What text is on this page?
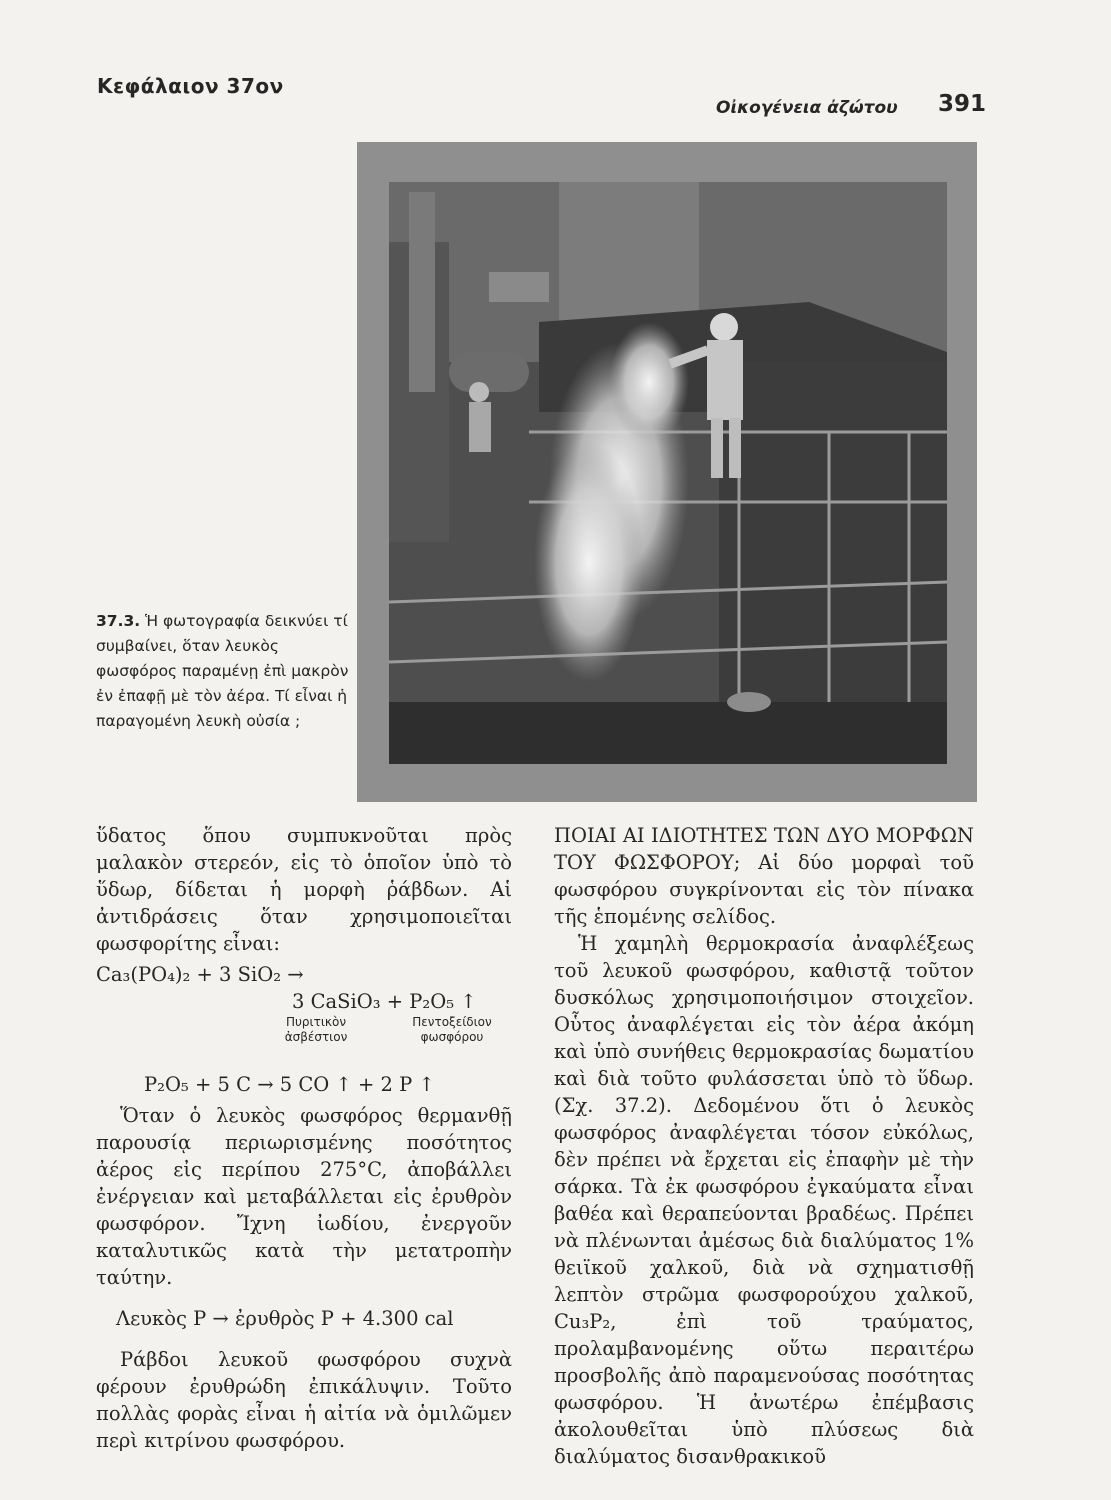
Κεφάλαιον 37ον
Οἰκογένεια ἀζώτου 391
37.3. Ἡ φωτογραφία δεικνύει τί συμβαίνει, ὅταν λευκὸς φωσφόρος παραμένῃ ἐπὶ μακρὸν ἐν ἐπαφῇ μὲ τὸν ἀέρα. Τί εἶναι ἡ παραγομένη λευκὴ οὐσία ;

ὕδατος ὅπου συμπυκνοῦται πρὸς μαλακὸν στερεόν, εἰς τὸ ὁποῖον ὑπὸ τὸ ὕδωρ, δίδεται ἡ μορφὴ ῥάβδων. Αἱ ἀντιδράσεις ὅταν χρησιμοποιεῖται φωσφορίτης εἶναι:

Ca₃(PO₄)₂ + 3 SiO₂ →

3 CaSiO₃ + P₂O₅ ↑

Πυριτικὸν ἀσβέστιον
Πεντοξείδιον φωσφόρου

P₂O₅ + 5 C → 5 CO ↑ + 2 P ↑

Ὅταν ὁ λευκὸς φωσφόρος θερμανθῇ παρουσίᾳ περιωρισμένης ποσότητος ἀέρος εἰς περίπου 275°C, ἀποβάλλει ἐνέργειαν καὶ μεταβάλλεται εἰς ἐρυθρὸν φωσφόρον. Ἴχνη ἰωδίου, ἐνεργοῦν καταλυτικῶς κατὰ τὴν μετατροπὴν ταύτην.

Λευκὸς P → ἐρυθρὸς P + 4.300 cal

Ράβδοι λευκοῦ φωσφόρου συχνὰ φέρουν ἐρυθρώδη ἐπικάλυψιν. Τοῦτο πολλὰς φορὰς εἶναι ἡ αἰτία νὰ ὁμιλῶμεν περὶ κιτρίνου φωσφόρου.

ΠΟΙΑΙ ΑΙ ΙΔΙΟΤΗΤΕΣ ΤΩΝ ΔΥΟ ΜΟΡΦΩΝ ΤΟΥ ΦΩΣΦΟΡΟΥ; Αἱ δύο μορφαὶ τοῦ φωσφόρου συγκρίνονται εἰς τὸν πίνακα τῆς ἑπομένης σελίδος.

Ἡ χαμηλὴ θερμοκρασία ἀναφλέξεως τοῦ λευκοῦ φωσφόρου, καθιστᾷ τοῦτον δυσκόλως χρησιμοποιήσιμον στοιχεῖον. Οὗτος ἀναφλέγεται εἰς τὸν ἀέρα ἀκόμη καὶ ὑπὸ συνήθεις θερμοκρασίας δωματίου καὶ διὰ τοῦτο φυλάσσεται ὑπὸ τὸ ὕδωρ. (Σχ. 37.2). Δεδομένου ὅτι ὁ λευκὸς φωσφόρος ἀναφλέγεται τόσον εὐκόλως, δὲν πρέπει νὰ ἔρχεται εἰς ἐπαφὴν μὲ τὴν σάρκα. Τὰ ἐκ φωσφόρου ἐγκαύματα εἶναι βαθέα καὶ θεραπεύονται βραδέως. Πρέπει νὰ πλένωνται ἀμέσως διὰ διαλύματος 1% θειϊκοῦ χαλκοῦ, διὰ νὰ σχηματισθῇ λεπτὸν στρῶμα φωσφορούχου χαλκοῦ, Cu₃P₂, ἐπὶ τοῦ τραύματος, προλαμβανομένης οὕτω περαιτέρω προσβολῆς ἀπὸ παραμενούσας ποσότητας φωσφόρου. Ἡ ἀνωτέρω ἐπέμβασις ἀκολουθεῖται ὑπὸ πλύσεως διὰ διαλύματος δισανθρακικοῦ
